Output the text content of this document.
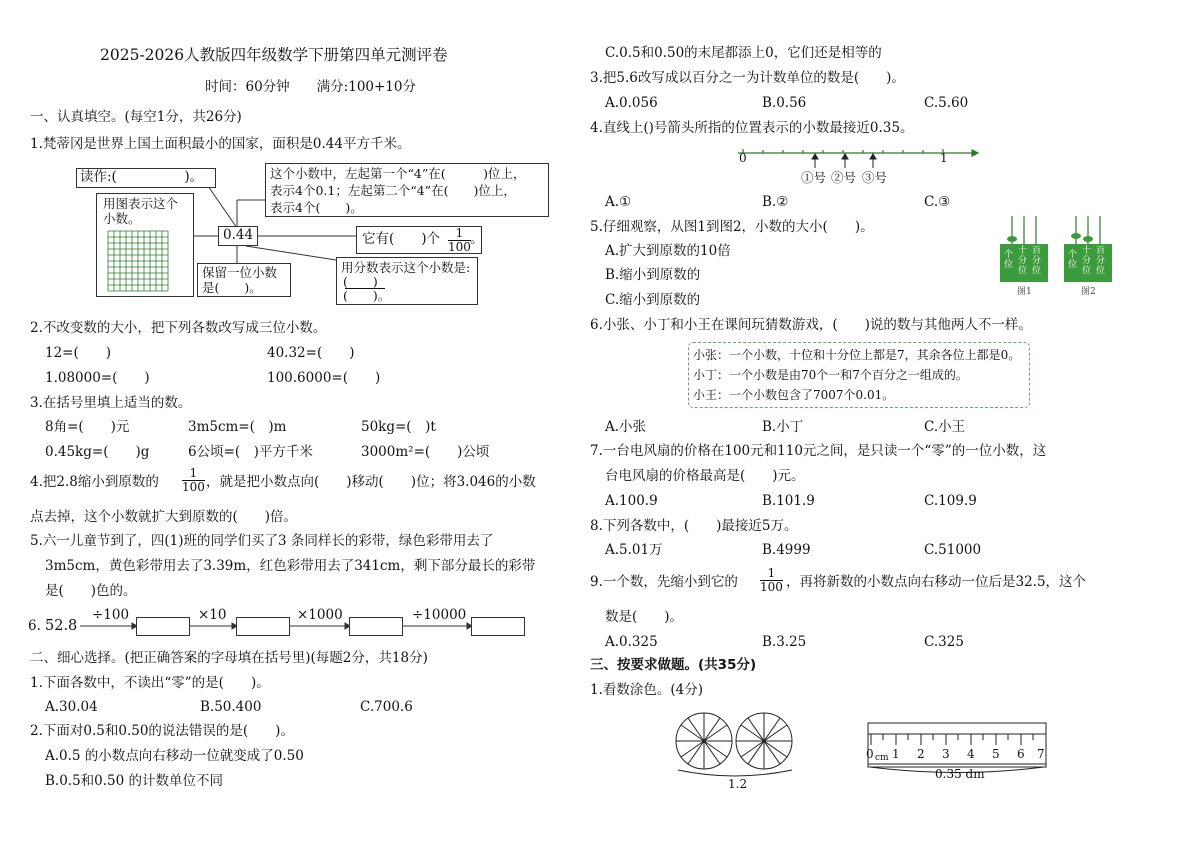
2025-2026人教版四年级数学下册第四单元测评卷
时间：60分钟　　满分:100+10分
一、认真填空。(每空1分，共26分)
1.梵蒂冈是世界上国土面积最小的国家，面积是0.44平方千米。
读作:(　　　　　)。
用图表示这个小数。
0.44
这个小数中，左起第一个“4”在(　　　)位上，
表示4个0.1；左起第二个“4”在(　　)位上，
表示4个(　　)。
它有(　　)个 $\frac{1}{100}$ 。
保留一位小数
是(　　)。
用分数表示这个小数是:
(　　)
(　　)。
2.不改变数的大小，把下列各数改写成三位小数。
12=(　　)	40.32=(　　)
1.08000=(　　)	100.6000=(　　)
3.在括号里填上适当的数。
8角=(　　)元	3m5cm=(　)m	50kg=(　)t
0.45kg=(　　)g	6公顷=(　)平方千米	3000m²=(　　)公顷
4.把2.8缩小到原数的 $\frac{1}{100}$ ，就是把小数点向(　　)移动(　　)位；将3.046的小数
点去掉，这个小数就扩大到原数的(　　)倍。
5.六一儿童节到了，四(1)班的同学们买了3 条同样长的彩带，绿色彩带用去了
3m5cm，黄色彩带用去了3.39m，红色彩带用去了341cm，剩下部分最长的彩带
是(　　)色的。
6. 52.8
÷100	×10	×1000	÷10000
二、细心选择。(把正确答案的字母填在括号里)(每题2分，共18分)
1.下面各数中，不读出“零”的是(　　)。
A.30.04	B.50.400	C.700.6
2.下面对0.5和0.50的说法错误的是(　　)。
A.0.5 的小数点向右移动一位就变成了0.50
B.0.5和0.50 的计数单位不同
C.0.5和0.50的末尾都添上0，它们还是相等的
3.把5.6改写成以百分之一为计数单位的数是(　　)。
A.0.056	B.0.56	C.5.60
4.直线上()号箭头所指的位置表示的小数最接近0.35。
0	1
①号 ②号 ③号
A.①	B.②	C.③
5.仔细观察，从图1到图2，小数的大小(　　)。
A.扩大到原数的10倍
B.缩小到原数的
C.缩小到原数的
个位
十分位
百分位
个位
十分位
百分位
图1	图2
6.小张、小丁和小王在课间玩猜数游戏，(　　)说的数与其他两人不一样。
小张：一个小数，十位和十分位上都是7，其余各位上都是0。
小丁：一个小数是由70个一和7个百分之一组成的。
小王：一个小数包含了7007个0.01。
A.小张	B.小丁	C.小王
7.一台电风扇的价格在100元和110元之间，是只读一个“零”的一位小数，这
台电风扇的价格最高是(　　)元。
A.100.9	B.101.9	C.109.9
8.下列各数中，(　　)最接近5万。
A.5.01万	B.4999	C.51000
9.一个数，先缩小到它的 $\frac{1}{100}$ ，再将新数的小数点向右移动一位后是32.5，这个
数是(　　)。
A.0.325	B.3.25	C.325
三、按要求做题。(共35分)
1.看数涂色。(4分)
1.2
0 cm 1 2 3 4 5 6 7
0.35 dm
